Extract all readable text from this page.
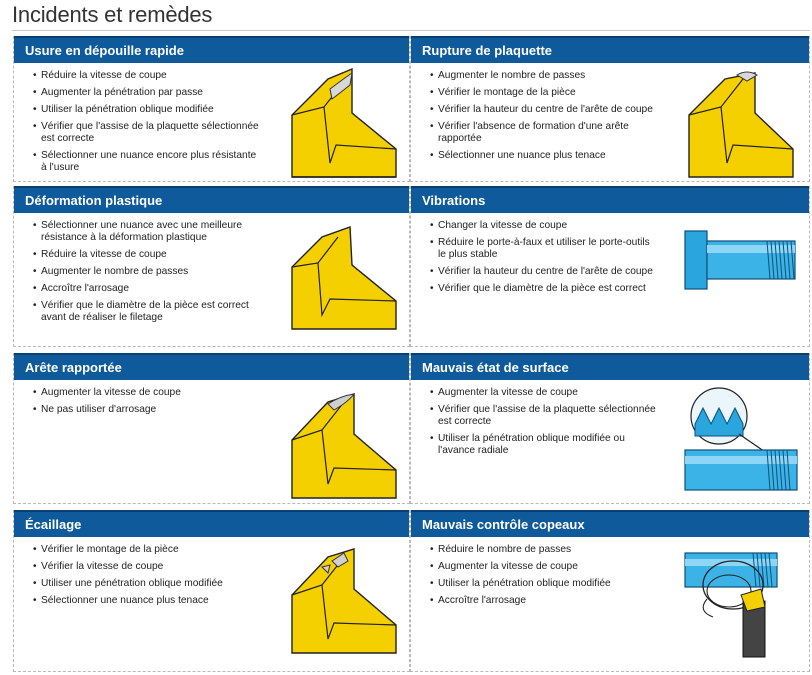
Incidents et remèdes
Usure en dépouille rapide
• Réduire la vitesse de coupe
• Augmenter la pénétration par passe
• Utiliser la pénétration oblique modifiée
• Vérifier que l'assise de la plaquette sélectionnée est correcte
• Sélectionner une nuance encore plus résistante à l'usure
Rupture de plaquette
• Augmenter le nombre de passes
• Vérifier le montage de la pièce
• Vérifier la hauteur du centre de l'arête de coupe
• Vérifier l'absence de formation d'une arête rapportée
• Sélectionner une nuance plus tenace
Déformation plastique
• Sélectionner une nuance avec une meilleure résistance à la déformation plastique
• Réduire la vitesse de coupe
• Augmenter le nombre de passes
• Accroître l'arrosage
• Vérifier que le diamètre de la pièce est correct avant de réaliser le filetage
Vibrations
• Changer la vitesse de coupe
• Réduire le porte-à-faux et utiliser le porte-outils le plus stable
• Vérifier la hauteur du centre de l'arête de coupe
• Vérifier que le diamètre de la pièce est correct
Arête rapportée
• Augmenter la vitesse de coupe
• Ne pas utiliser d'arrosage
Mauvais état de surface
• Augmenter la vitesse de coupe
• Vérifier que l'assise de la plaquette sélectionnée est correcte
• Utiliser la pénétration oblique modifiée ou l'avance radiale
Écaillage
• Vérifier le montage de la pièce
• Vérifier la vitesse de coupe
• Utiliser une pénétration oblique modifiée
• Sélectionner une nuance plus tenace
Mauvais contrôle copeaux
• Réduire le nombre de passes
• Augmenter la vitesse de coupe
• Utiliser la pénétration oblique modifiée
• Accroître l'arrosage
